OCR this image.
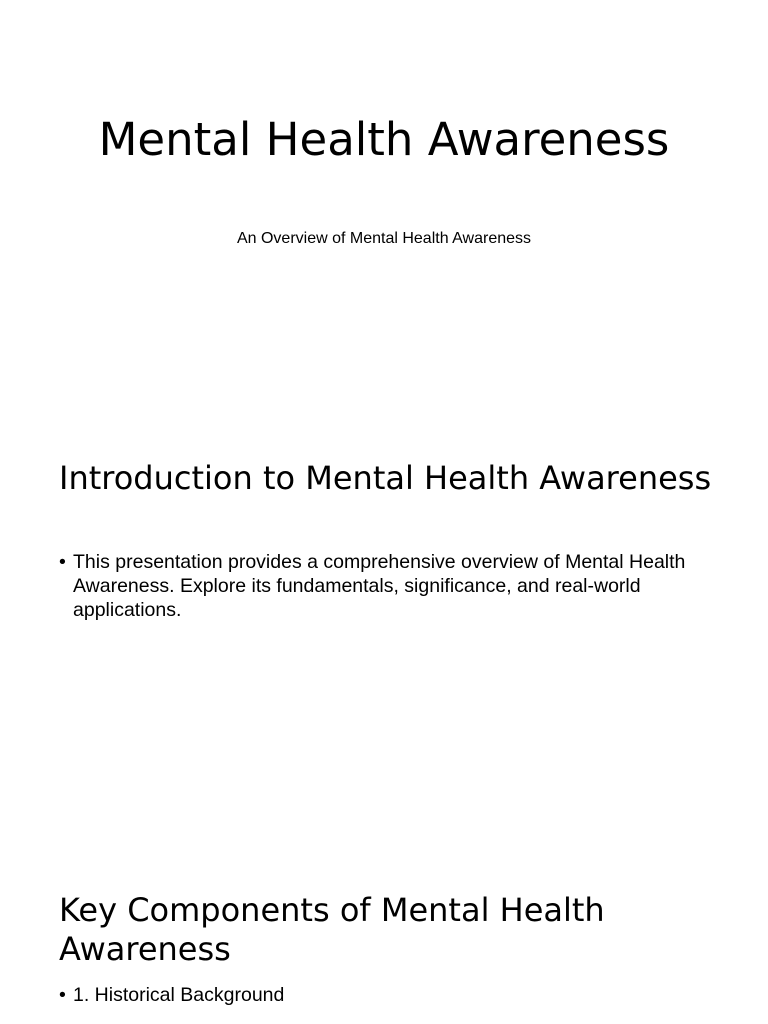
Mental Health Awareness

An Overview of Mental Health Awareness

Introduction to Mental Health Awareness
• This presentation provides a comprehensive overview of Mental Health Awareness. Explore its fundamentals, significance, and real-world applications.
Key Components of Mental Health Awareness
• 1. Historical Background
